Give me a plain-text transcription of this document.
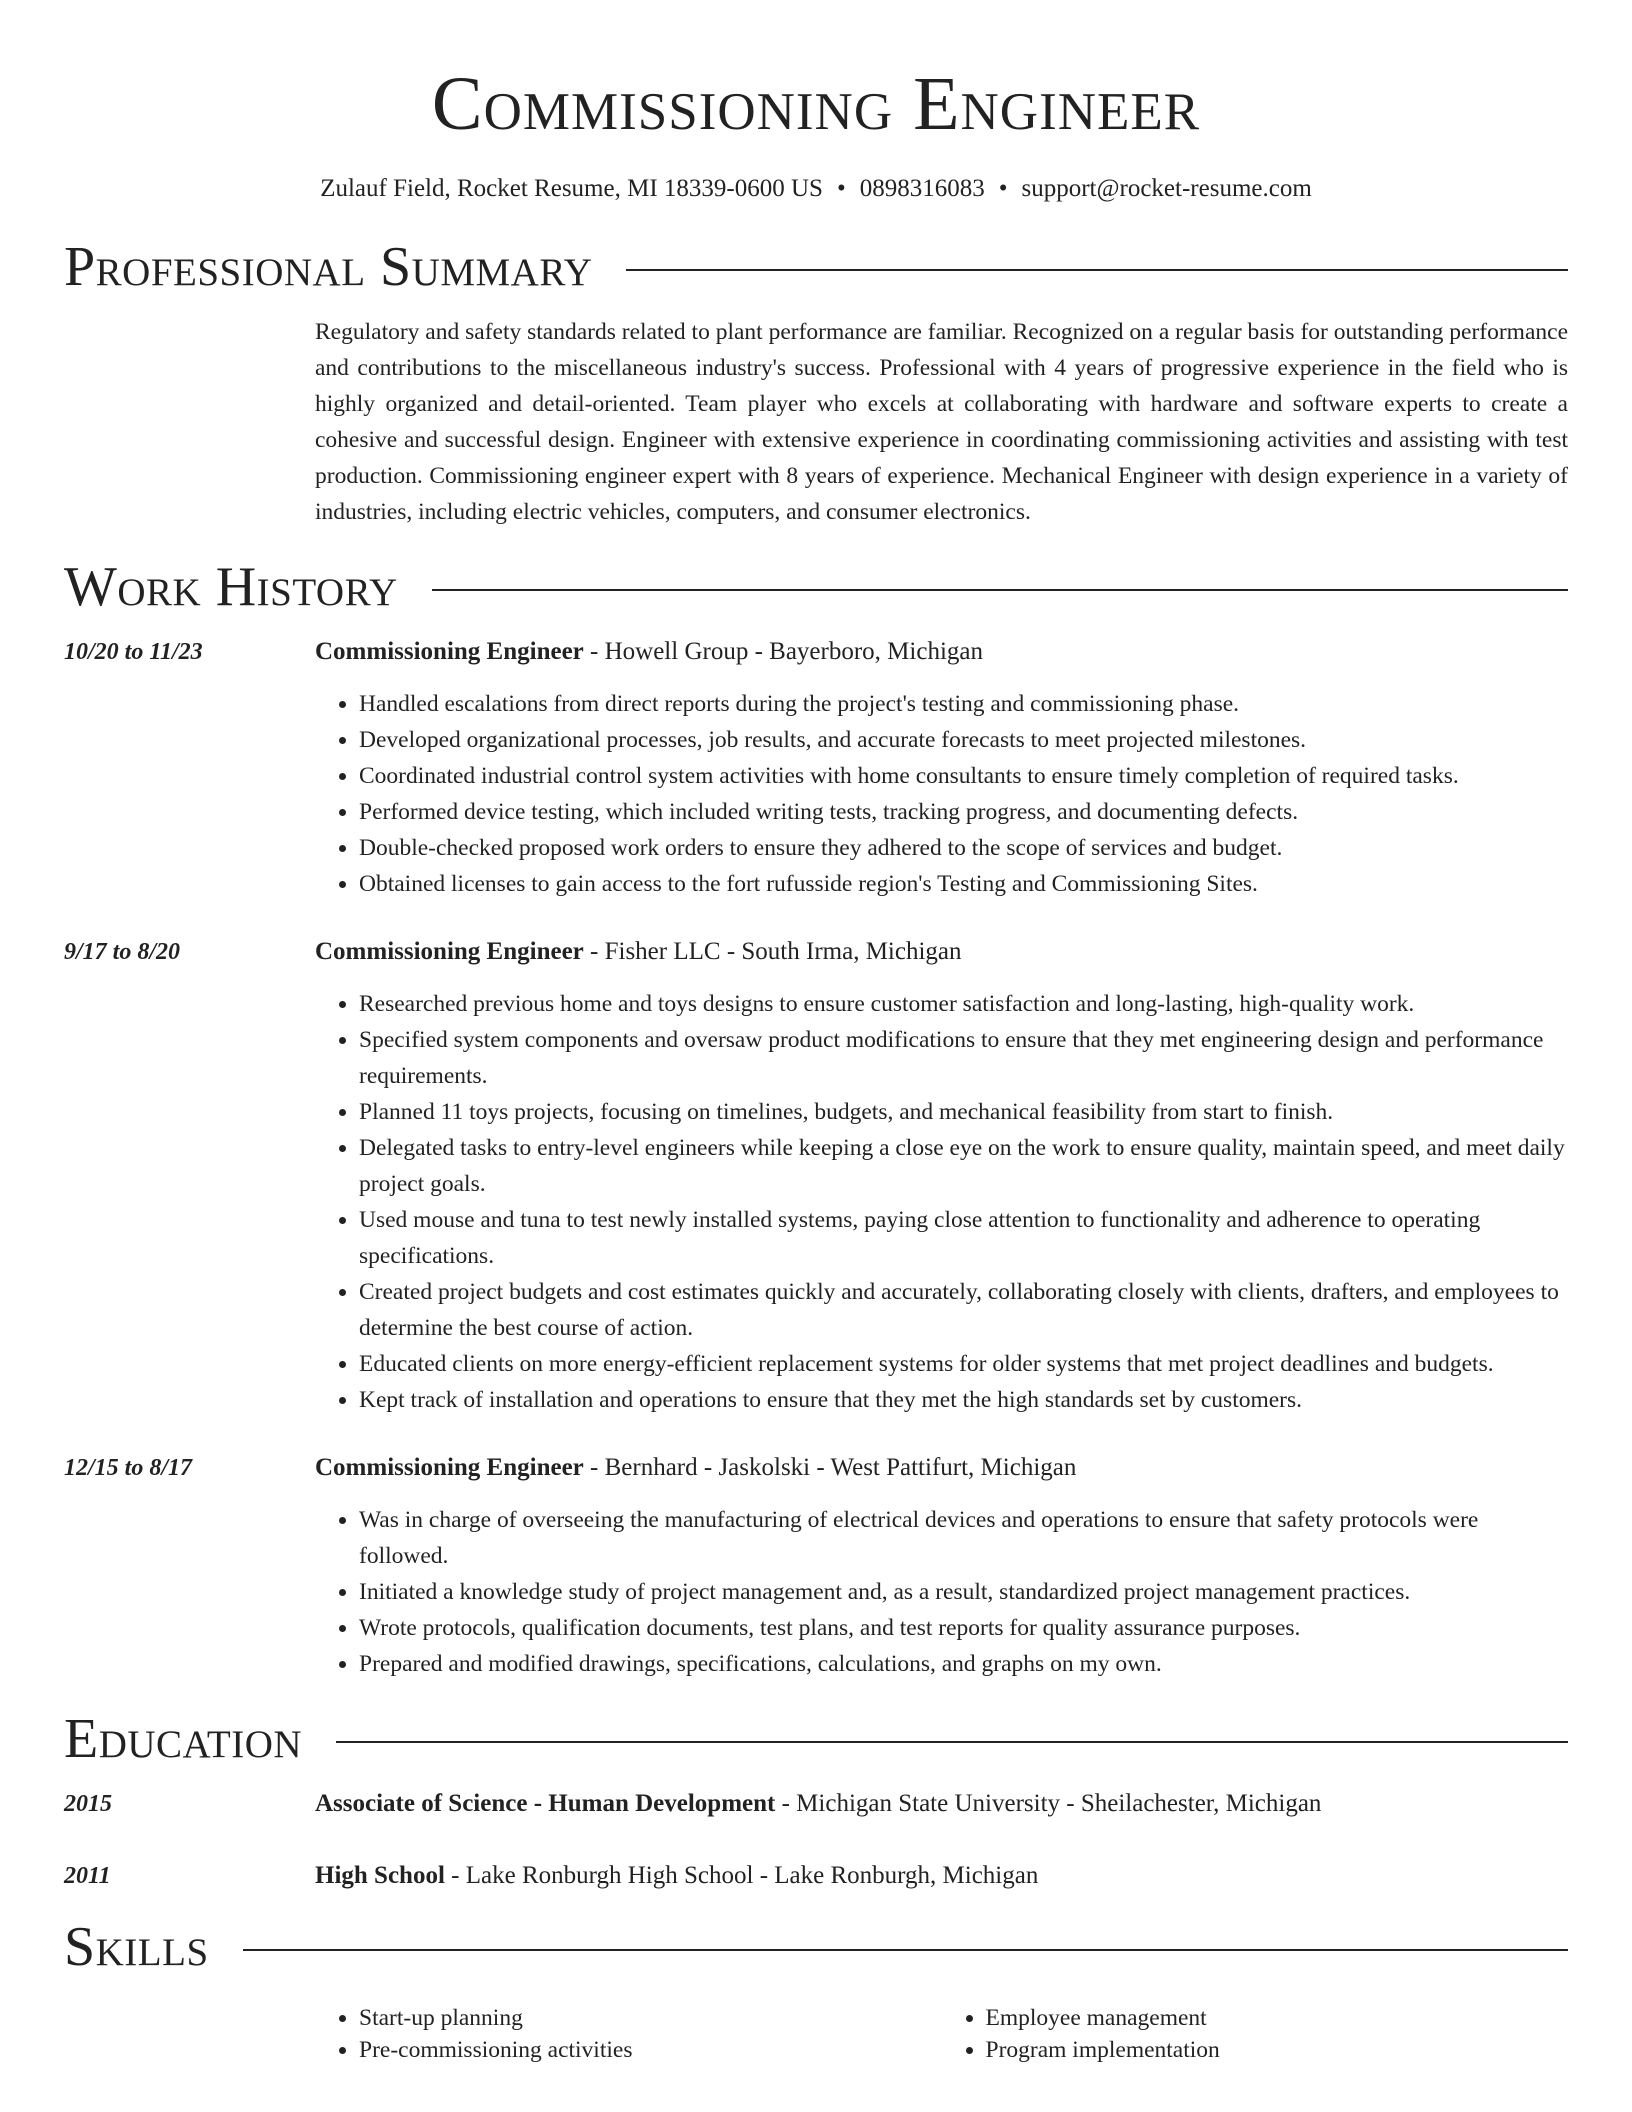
Commissioning Engineer
Zulauf Field, Rocket Resume, MI 18339-0600 US • 0898316083 • support@rocket-resume.com
Professional Summary
Regulatory and safety standards related to plant performance are familiar. Recognized on a regular basis for outstanding performance and contributions to the miscellaneous industry's success. Professional with 4 years of progressive experience in the field who is highly organized and detail-oriented. Team player who excels at collaborating with hardware and software experts to create a cohesive and successful design. Engineer with extensive experience in coordinating commissioning activities and assisting with test production. Commissioning engineer expert with 8 years of experience. Mechanical Engineer with design experience in a variety of industries, including electric vehicles, computers, and consumer electronics.
Work History
10/20 to 11/23	Commissioning Engineer - Howell Group - Bayerboro, Michigan
• Handled escalations from direct reports during the project's testing and commissioning phase.
• Developed organizational processes, job results, and accurate forecasts to meet projected milestones.
• Coordinated industrial control system activities with home consultants to ensure timely completion of required tasks.
• Performed device testing, which included writing tests, tracking progress, and documenting defects.
• Double-checked proposed work orders to ensure they adhered to the scope of services and budget.
• Obtained licenses to gain access to the fort rufusside region's Testing and Commissioning Sites.
9/17 to 8/20	Commissioning Engineer - Fisher LLC - South Irma, Michigan
• Researched previous home and toys designs to ensure customer satisfaction and long-lasting, high-quality work.
• Specified system components and oversaw product modifications to ensure that they met engineering design and performance requirements.
• Planned 11 toys projects, focusing on timelines, budgets, and mechanical feasibility from start to finish.
• Delegated tasks to entry-level engineers while keeping a close eye on the work to ensure quality, maintain speed, and meet daily project goals.
• Used mouse and tuna to test newly installed systems, paying close attention to functionality and adherence to operating specifications.
• Created project budgets and cost estimates quickly and accurately, collaborating closely with clients, drafters, and employees to determine the best course of action.
• Educated clients on more energy-efficient replacement systems for older systems that met project deadlines and budgets.
• Kept track of installation and operations to ensure that they met the high standards set by customers.
12/15 to 8/17	Commissioning Engineer - Bernhard - Jaskolski - West Pattifurt, Michigan
• Was in charge of overseeing the manufacturing of electrical devices and operations to ensure that safety protocols were followed.
• Initiated a knowledge study of project management and, as a result, standardized project management practices.
• Wrote protocols, qualification documents, test plans, and test reports for quality assurance purposes.
• Prepared and modified drawings, specifications, calculations, and graphs on my own.
Education
2015	Associate of Science - Human Development - Michigan State University - Sheilachester, Michigan
2011	High School - Lake Ronburgh High School - Lake Ronburgh, Michigan
Skills
• Start-up planning
• Pre-commissioning activities
• Employee management
• Program implementation
